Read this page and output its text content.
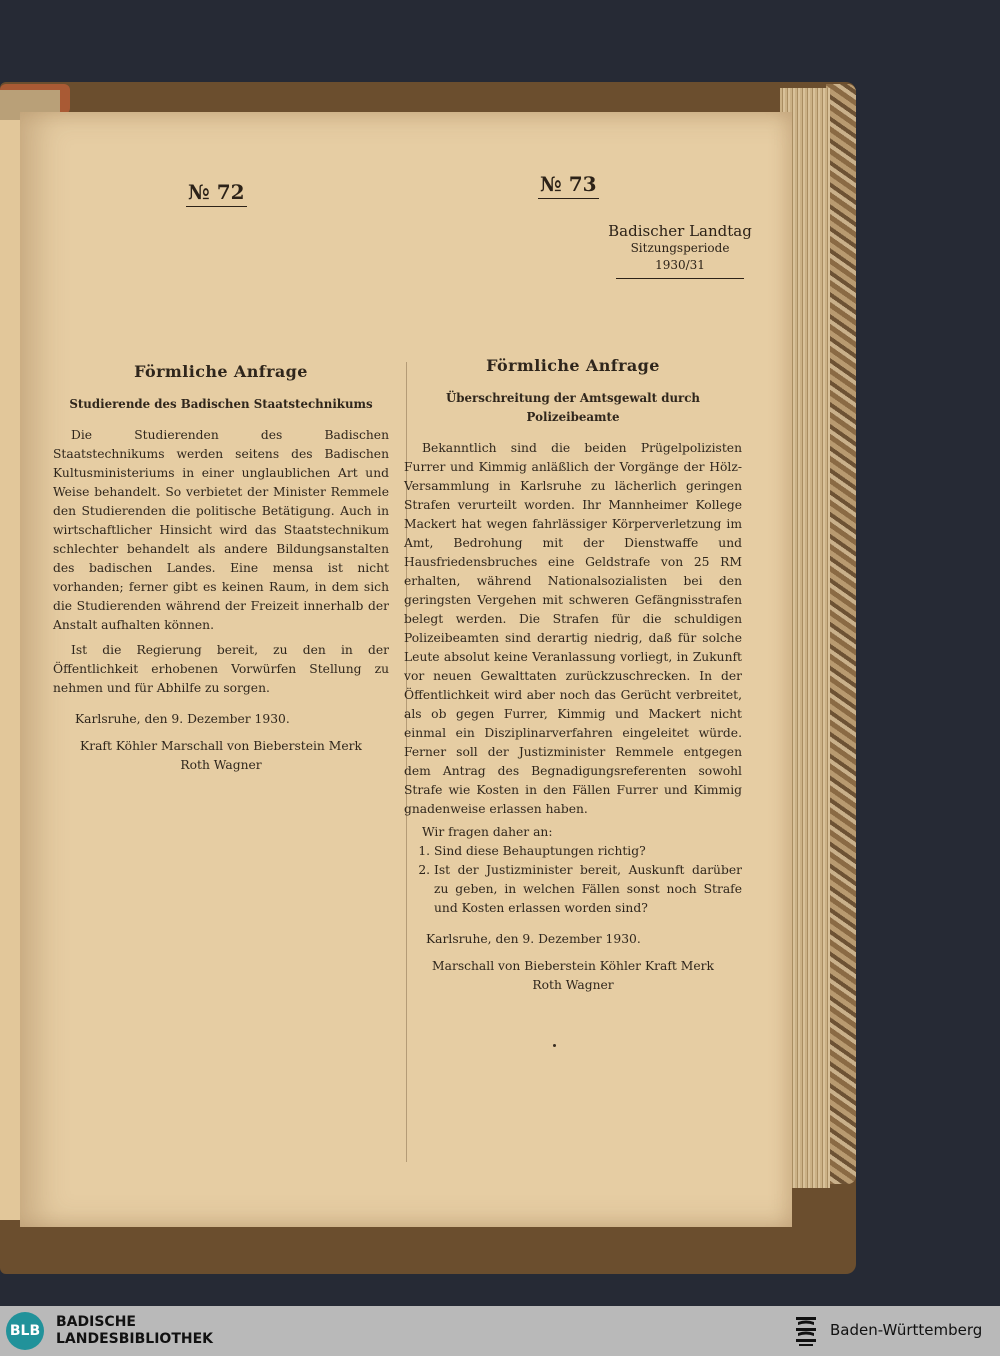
№ 72	№ 73
Badischer Landtag
Sitzungsperiode
1930/31
Förmliche Anfrage
Studierende des Badischen Staatstechnikums

Die Studierenden des Badischen Staatstechnikums werden seitens des Badischen Kultusministeriums in einer unglaublichen Art und Weise behandelt. So verbietet der Minister Remmele den Studierenden die politische Betätigung. Auch in wirtschaftlicher Hinsicht wird das Staatstechnikum schlechter behandelt als andere Bildungsanstalten des badischen Landes. Eine mensa ist nicht vorhanden; ferner gibt es keinen Raum, in dem sich die Studierenden während der Freizeit innerhalb der Anstalt aufhalten können.

Ist die Regierung bereit, zu den in der Öffentlichkeit erhobenen Vorwürfen Stellung zu nehmen und für Abhilfe zu sorgen.

Karlsruhe, den 9. Dezember 1930.

Kraft Köhler Marschall von Bieberstein Merk Roth Wagner

Förmliche Anfrage
Überschreitung der Amtsgewalt durch Polizeibeamte

Bekanntlich sind die beiden Prügelpolizisten Furrer und Kimmig anläßlich der Vorgänge der Hölz-Versammlung in Karlsruhe zu lächerlich geringen Strafen verurteilt worden. Ihr Mannheimer Kollege Mackert hat wegen fahrlässiger Körperverletzung im Amt, Bedrohung mit der Dienstwaffe und Hausfriedensbruches eine Geldstrafe von 25 RM erhalten, während Nationalsozialisten bei den geringsten Vergehen mit schweren Gefängnisstrafen belegt werden. Die Strafen für die schuldigen Polizeibeamten sind derartig niedrig, daß für solche Leute absolut keine Veranlassung vorliegt, in Zukunft vor neuen Gewalttaten zurückzuschrecken. In der Öffentlichkeit wird aber noch das Gerücht verbreitet, als ob gegen Furrer, Kimmig und Mackert nicht einmal ein Disziplinarverfahren eingeleitet würde. Ferner soll der Justizminister Remmele entgegen dem Antrag des Begnadigungsreferenten sowohl Strafe wie Kosten in den Fällen Furrer und Kimmig gnadenweise erlassen haben.

Wir fragen daher an:

1. Sind diese Behauptungen richtig?
2. Ist der Justizminister bereit, Auskunft darüber zu geben, in welchen Fällen sonst noch Strafe und Kosten erlassen worden sind?

Karlsruhe, den 9. Dezember 1930.

Marschall von Bieberstein Köhler Kraft Merk Roth Wagner

BLB
BADISCHE
LANDESBIBLIOTHEK	Baden-Württemberg
